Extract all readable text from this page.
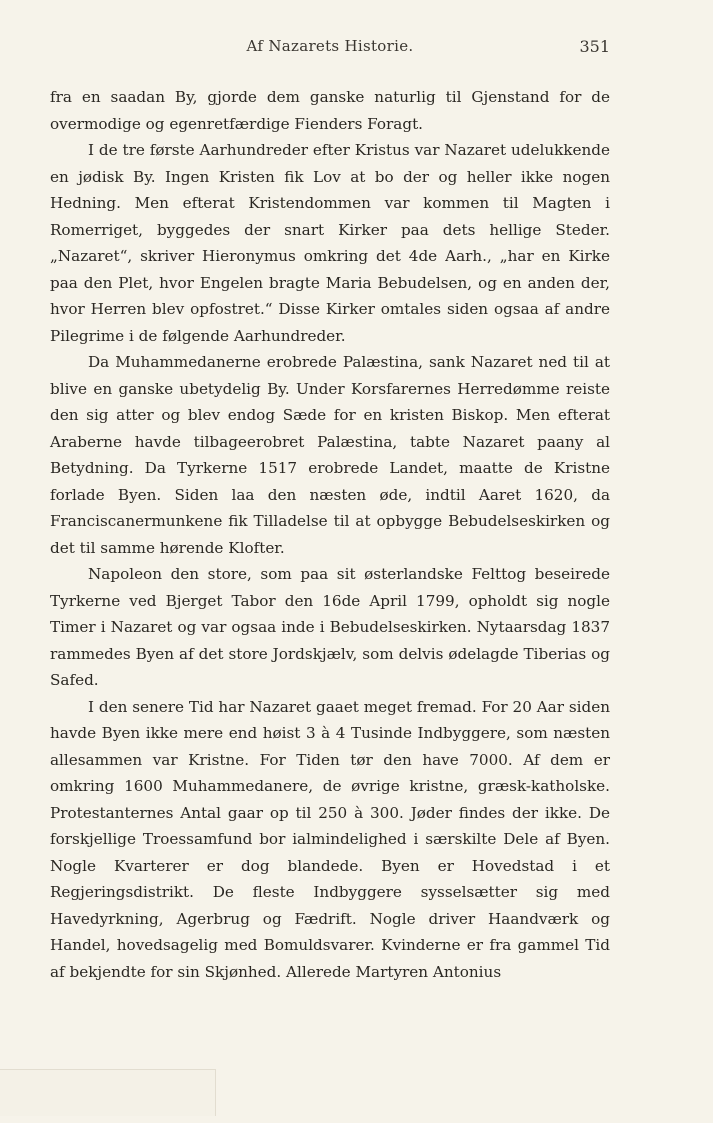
Af Nazarets Historie.	351

fra en saadan By, gjorde dem ganske naturlig til Gjenstand for de overmodige og egenretfærdige Fienders Foragt.

I de tre første Aarhundreder efter Kristus var Nazaret udelukkende en jødisk By. Ingen Kristen fik Lov at bo der og heller ikke nogen Hedning. Men efterat Kristendommen var kommen til Magten i Romerriget, byggedes der snart Kirker paa dets hellige Steder. „Nazaret“, skriver Hieronymus omkring det 4de Aarh., „har en Kirke paa den Plet, hvor Engelen bragte Maria Bebudelsen, og en anden der, hvor Herren blev opfostret.“ Disse Kirker omtales siden ogsaa af andre Pilegrime i de følgende Aarhundreder.

Da Muhammedanerne erobrede Palæstina, sank Nazaret ned til at blive en ganske ubetydelig By. Under Korsfarernes Herredømme reiste den sig atter og blev endog Sæde for en kristen Biskop. Men efterat Araberne havde tilbageerobret Palæstina, tabte Nazaret paany al Betydning. Da Tyrkerne 1517 erobrede Landet, maatte de Kristne forlade Byen. Siden laa den næsten øde, indtil Aaret 1620, da Franciscanermunkene fik Tilladelse til at opbygge Bebudelseskirken og det til samme hørende Klofter.

Napoleon den store, som paa sit østerlandske Felttog beseirede Tyrkerne ved Bjerget Tabor den 16de April 1799, opholdt sig nogle Timer i Nazaret og var ogsaa inde i Bebudelseskirken. Nytaarsdag 1837 rammedes Byen af det store Jordskjælv, som delvis ødelagde Tiberias og Safed.

I den senere Tid har Nazaret gaaet meget fremad. For 20 Aar siden havde Byen ikke mere end høist 3 à 4 Tusinde Indbyggere, som næsten allesammen var Kristne. For Tiden tør den have 7000. Af dem er omkring 1600 Muhammedanere, de øvrige kristne, græsk-katholske. Protestanternes Antal gaar op til 250 à 300. Jøder findes der ikke. De forskjellige Troessamfund bor ialmindelighed i særskilte Dele af Byen. Nogle Kvarterer er dog blandede. Byen er Hovedstad i et Regjeringsdistrikt. De fleste Indbyggere sysselsætter sig med Havedyrkning, Agerbrug og Fædrift. Nogle driver Haandværk og Handel, hovedsagelig med Bomuldsvarer. Kvinderne er fra gammel Tid af bekjendte for sin Skjønhed. Allerede Martyren Antonius
